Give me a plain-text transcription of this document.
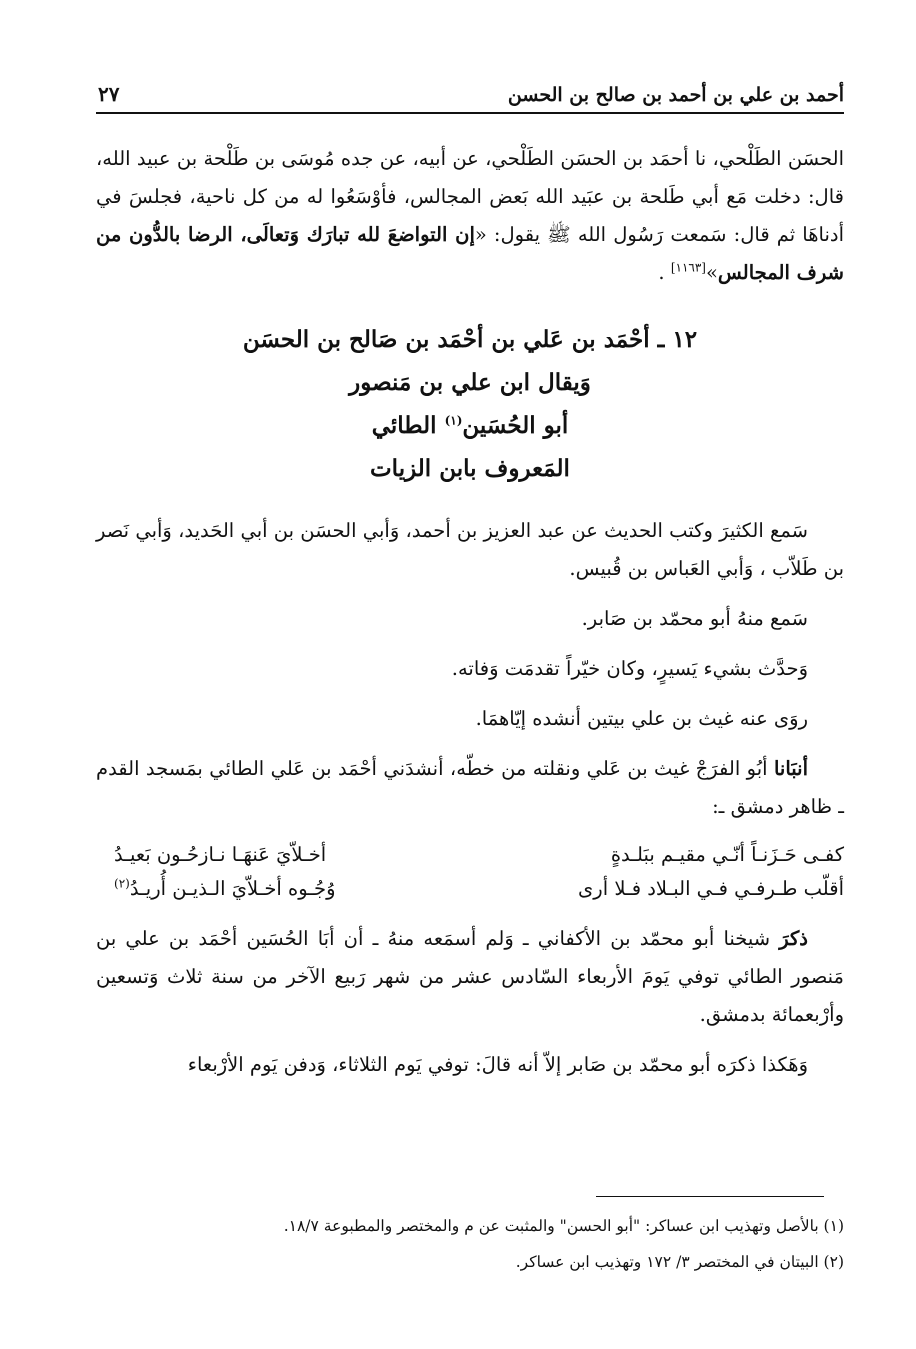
أحمد بن علي بن أحمد بن صالح بن الحسن
٢٧

الحسَن الطَلْحي، نا أحمَد بن الحسَن الطَلْحي، عن أبيه، عن جده مُوسَى بن طَلْحة بن عبيد الله، قال: دخلت مَع أبي طَلحة بن عبَيد الله بَعض المجالس، فأوْسَعُوا له من كل ناحية، فجلسَ في أدناهَا ثم قال: سَمعت رَسُول الله ﷺ يقول: «إن التواضعَ لله تبارَك وَتعالَى، الرضا بالدُّون من شرف المجالس»[١١٦٣] .

١٢ ـ أحْمَد بن عَلي بن أحْمَد بن صَالح بن الحسَن
وَيقال ابن علي بن مَنصور
أبو الحُسَين$^{(١)}$ الطائي
المَعروف بابن الزيات

سَمع الكثيرَ وكتب الحديث عن عبد العزيز بن أحمد، وَأبي الحسَن بن أبي الحَديد، وَأبي نَصر بن طَلاّب ، وَأبي العَباس بن قُبيس.

سَمع منهُ أبو محمّد بن صَابر.

وَحدَّث بشيء يَسيرٍ، وكان خيّراً تقدمَت وَفاته.

روَى عنه غيث بن علي بيتين أنشده إيّاهمَا.

أنبَانا أبُو الفرَجْ غيث بن عَلي ونقلته من خطّه، أنشدَني أحْمَد بن عَلي الطائي بمَسجد القدم ـ ظاهر دمشق ـ:

كفـى حَـزَنـاً أنّـي مقيـم ببَلـدةٍ
أخـلاّيَ عَنهَـا نـازحُـون بَعيـدُ
أقلّب طـرفـي فـي البـلاد فـلا أرى
وُجُـوه أخـلاّيَ الـذيـن أُريـدُ$^{(٢)}$

ذكرَ شيخنا أبو محمّد بن الأكفاني ـ وَلم أسمَعه منهُ ـ أن أبَا الحُسَين أحْمَد بن علي بن مَنصور الطائي توفي يَومَ الأربعاء السّادس عشر من شهر رَبيع الآخر من سنة ثلاث وَتسعين وأرْبعمائة بدمشق.

وَهَكذا ذكرَه أبو محمّد بن صَابر إلاّ أنه قالَ: توفي يَوم الثلاثاء، وَدفن يَوم الأرْبعاء

(١) بالأصل وتهذيب ابن عساكر: "أبو الحسن" والمثبت عن م والمختصر والمطبوعة ١٨/٧.

(٢) البيتان في المختصر ٣/ ١٧٢ وتهذيب ابن عساكر.
